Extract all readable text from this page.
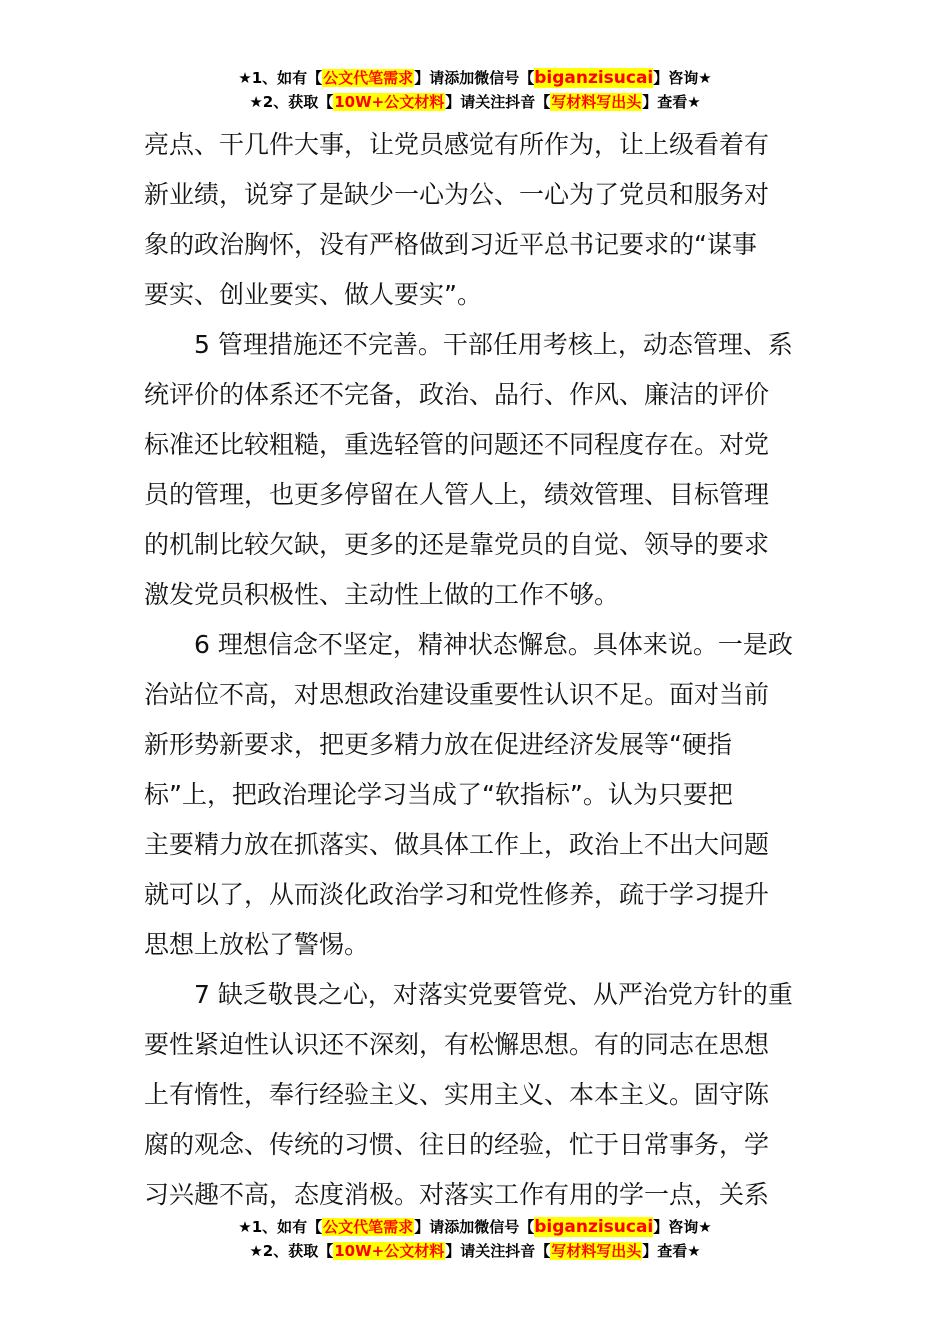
★1、如有【公文代笔需求】请添加微信号【biganzisucai】咨询★
★2、获取【10W+公文材料】请关注抖音【写材料写出头】查看★

亮点、干几件大事，让党员感觉有所作为，让上级看着有
新业绩，说穿了是缺少一心为公、一心为了党员和服务对
象的政治胸怀，没有严格做到习近平总书记要求的“谋事
要实、创业要实、做人要实”。

5 管理措施还不完善。干部任用考核上，动态管理、系
统评价的体系还不完备，政治、品行、作风、廉洁的评价
标准还比较粗糙，重选轻管的问题还不同程度存在。对党
员的管理，也更多停留在人管人上，绩效管理、目标管理
的机制比较欠缺，更多的还是靠党员的自觉、领导的要求
激发党员积极性、主动性上做的工作不够。

6 理想信念不坚定，精神状态懈怠。具体来说。一是政
治站位不高，对思想政治建设重要性认识不足。面对当前
新形势新要求，把更多精力放在促进经济发展等“硬指
标”上，把政治理论学习当成了“软指标”。认为只要把
主要精力放在抓落实、做具体工作上，政治上不出大问题
就可以了，从而淡化政治学习和党性修养，疏于学习提升
思想上放松了警惕。

7 缺乏敬畏之心，对落实党要管党、从严治党方针的重
要性紧迫性认识还不深刻，有松懈思想。有的同志在思想
上有惰性，奉行经验主义、实用主义、本本主义。固守陈
腐的观念、传统的习惯、往日的经验，忙于日常事务，学
习兴趣不高，态度消极。对落实工作有用的学一点，关系

★1、如有【公文代笔需求】请添加微信号【biganzisucai】咨询★
★2、获取【10W+公文材料】请关注抖音【写材料写出头】查看★
